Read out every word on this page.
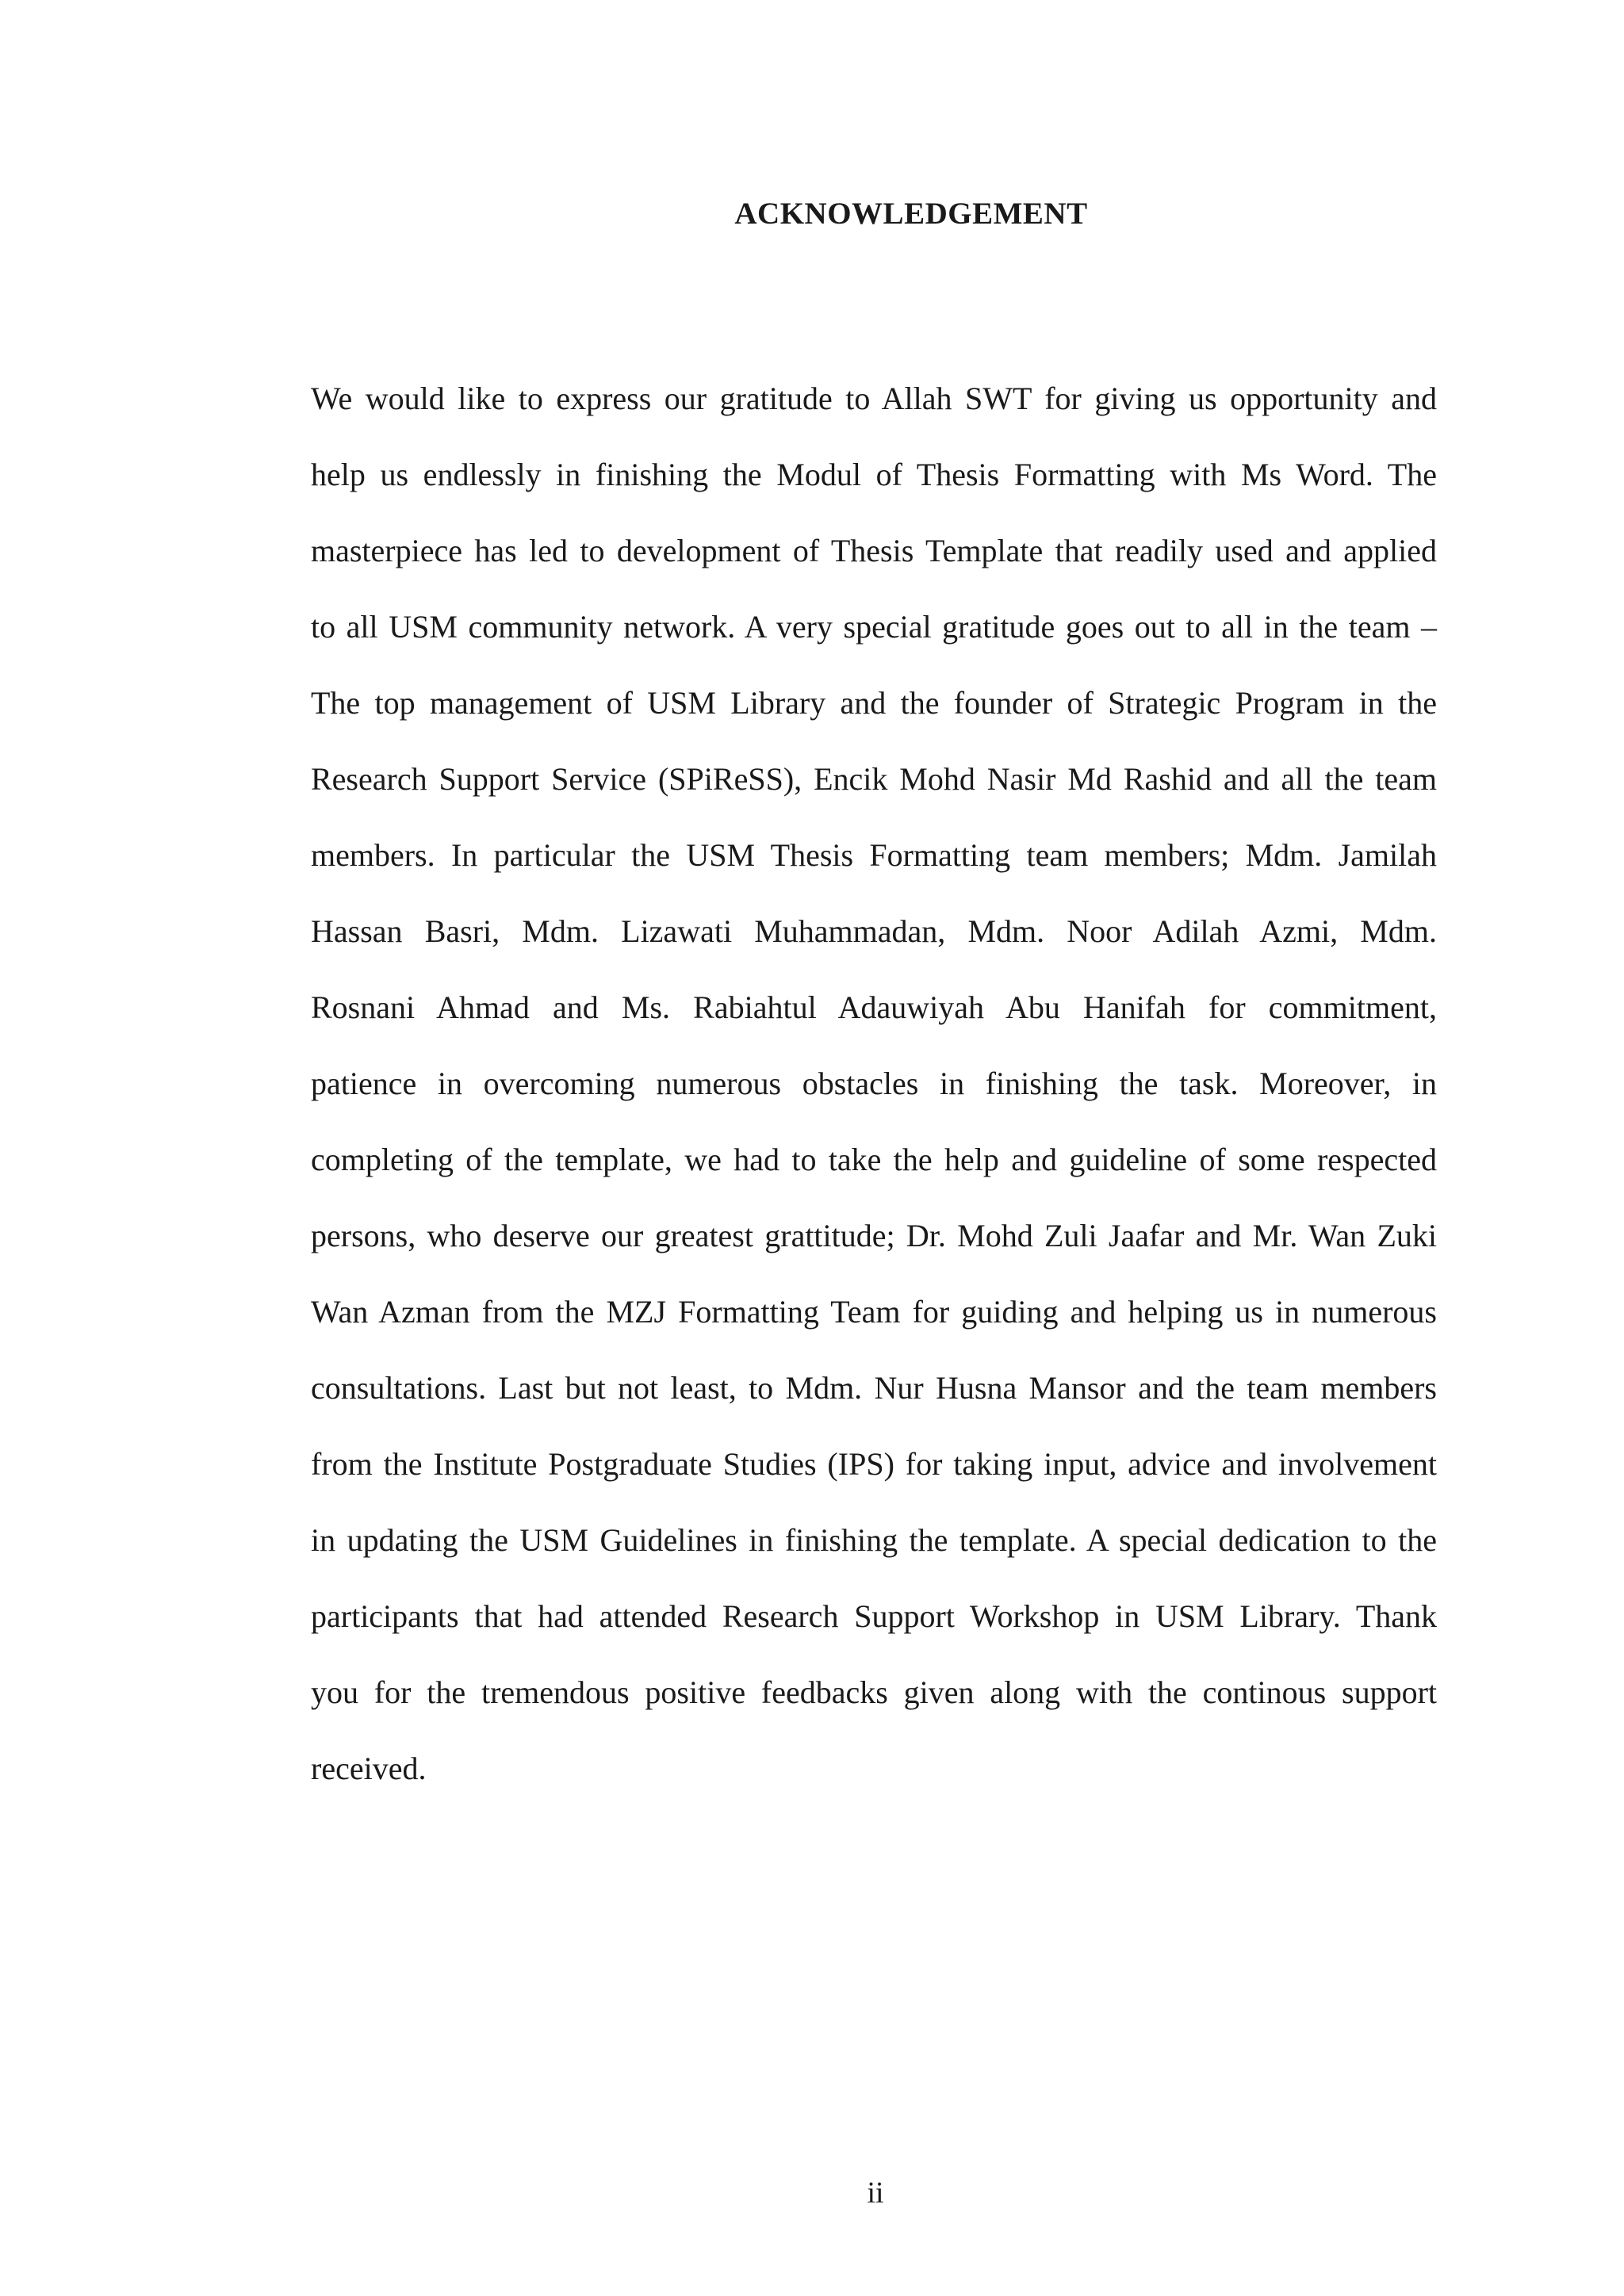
ACKNOWLEDGEMENT
We would like to express our gratitude to Allah SWT for giving us opportunity and
help us endlessly in finishing the Modul of Thesis Formatting with Ms Word. The
masterpiece has led to development of Thesis Template that readily used and applied
to all USM community network. A very special gratitude goes out to all in the team –
The top management of USM Library and the founder of Strategic Program in the
Research Support Service (SPiReSS), Encik Mohd Nasir Md Rashid and all the team
members. In particular the USM Thesis Formatting team members; Mdm. Jamilah
Hassan Basri, Mdm. Lizawati Muhammadan, Mdm. Noor Adilah Azmi, Mdm.
Rosnani Ahmad and Ms. Rabiahtul Adauwiyah Abu Hanifah for commitment,
patience in overcoming numerous obstacles in finishing the task. Moreover, in
completing of the template, we had to take the help and guideline of some respected
persons, who deserve our greatest grattitude; Dr. Mohd Zuli Jaafar and Mr. Wan Zuki
Wan Azman from the MZJ Formatting Team for guiding and helping us in numerous
consultations. Last but not least, to Mdm. Nur Husna Mansor and the team members
from the Institute Postgraduate Studies (IPS) for taking input, advice and involvement
in updating the USM Guidelines in finishing the template. A special dedication to the
participants that had attended Research Support Workshop in USM Library. Thank
you for the tremendous positive feedbacks given along with the continous support
received.
ii
